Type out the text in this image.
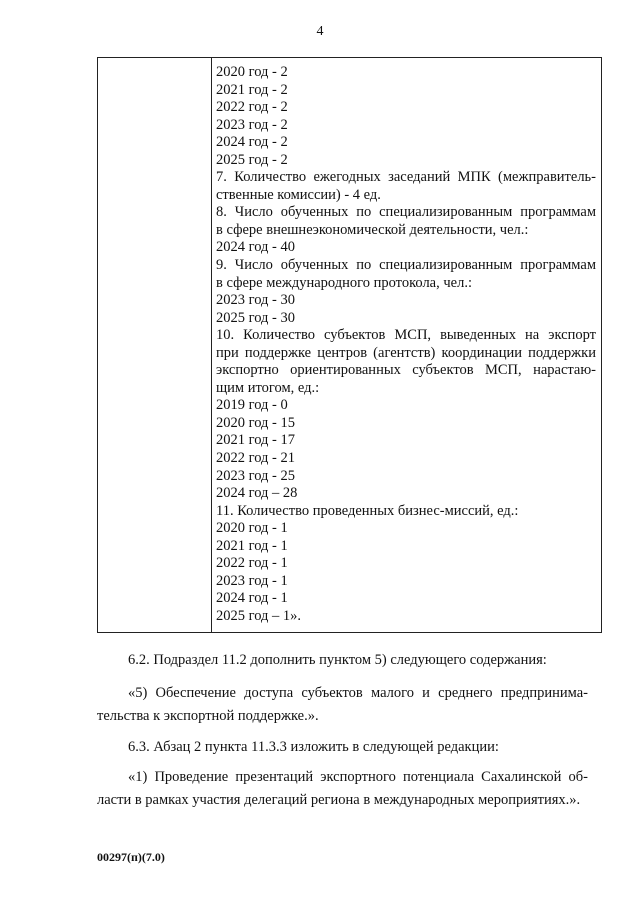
4
2020 год - 2
2021 год - 2
2022 год - 2
2023 год - 2
2024 год - 2
2025 год - 2
7. Количество ежегодных заседаний МПК (межправитель-
ственные комиссии) - 4 ед.
8. Число обученных по специализированным программам
в сфере внешнеэкономической деятельности, чел.:
2024 год - 40
9. Число обученных по специализированным программам
в сфере международного протокола, чел.:
2023 год - 30
2025 год - 30
10. Количество субъектов МСП, выведенных на экспорт
при поддержке центров (агентств) координации поддержки
экспортно ориентированных субъектов МСП, нарастаю-
щим итогом, ед.:
2019 год - 0
2020 год - 15
2021 год - 17
2022 год - 21
2023 год - 25
2024 год – 28
11. Количество проведенных бизнес-миссий, ед.:
2020 год - 1
2021 год - 1
2022 год - 1
2023 год - 1
2024 год - 1
2025 год – 1».
6.2. Подраздел 11.2 дополнить пунктом 5) следующего содержания:
«5) Обеспечение доступа субъектов малого и среднего предпринима-
тельства к экспортной поддержке.».
6.3. Абзац 2 пункта 11.3.3 изложить в следующей редакции:
«1) Проведение презентаций экспортного потенциала Сахалинской об-
ласти в рамках участия делегаций региона в международных мероприятиях.».
00297(п)(7.0)
